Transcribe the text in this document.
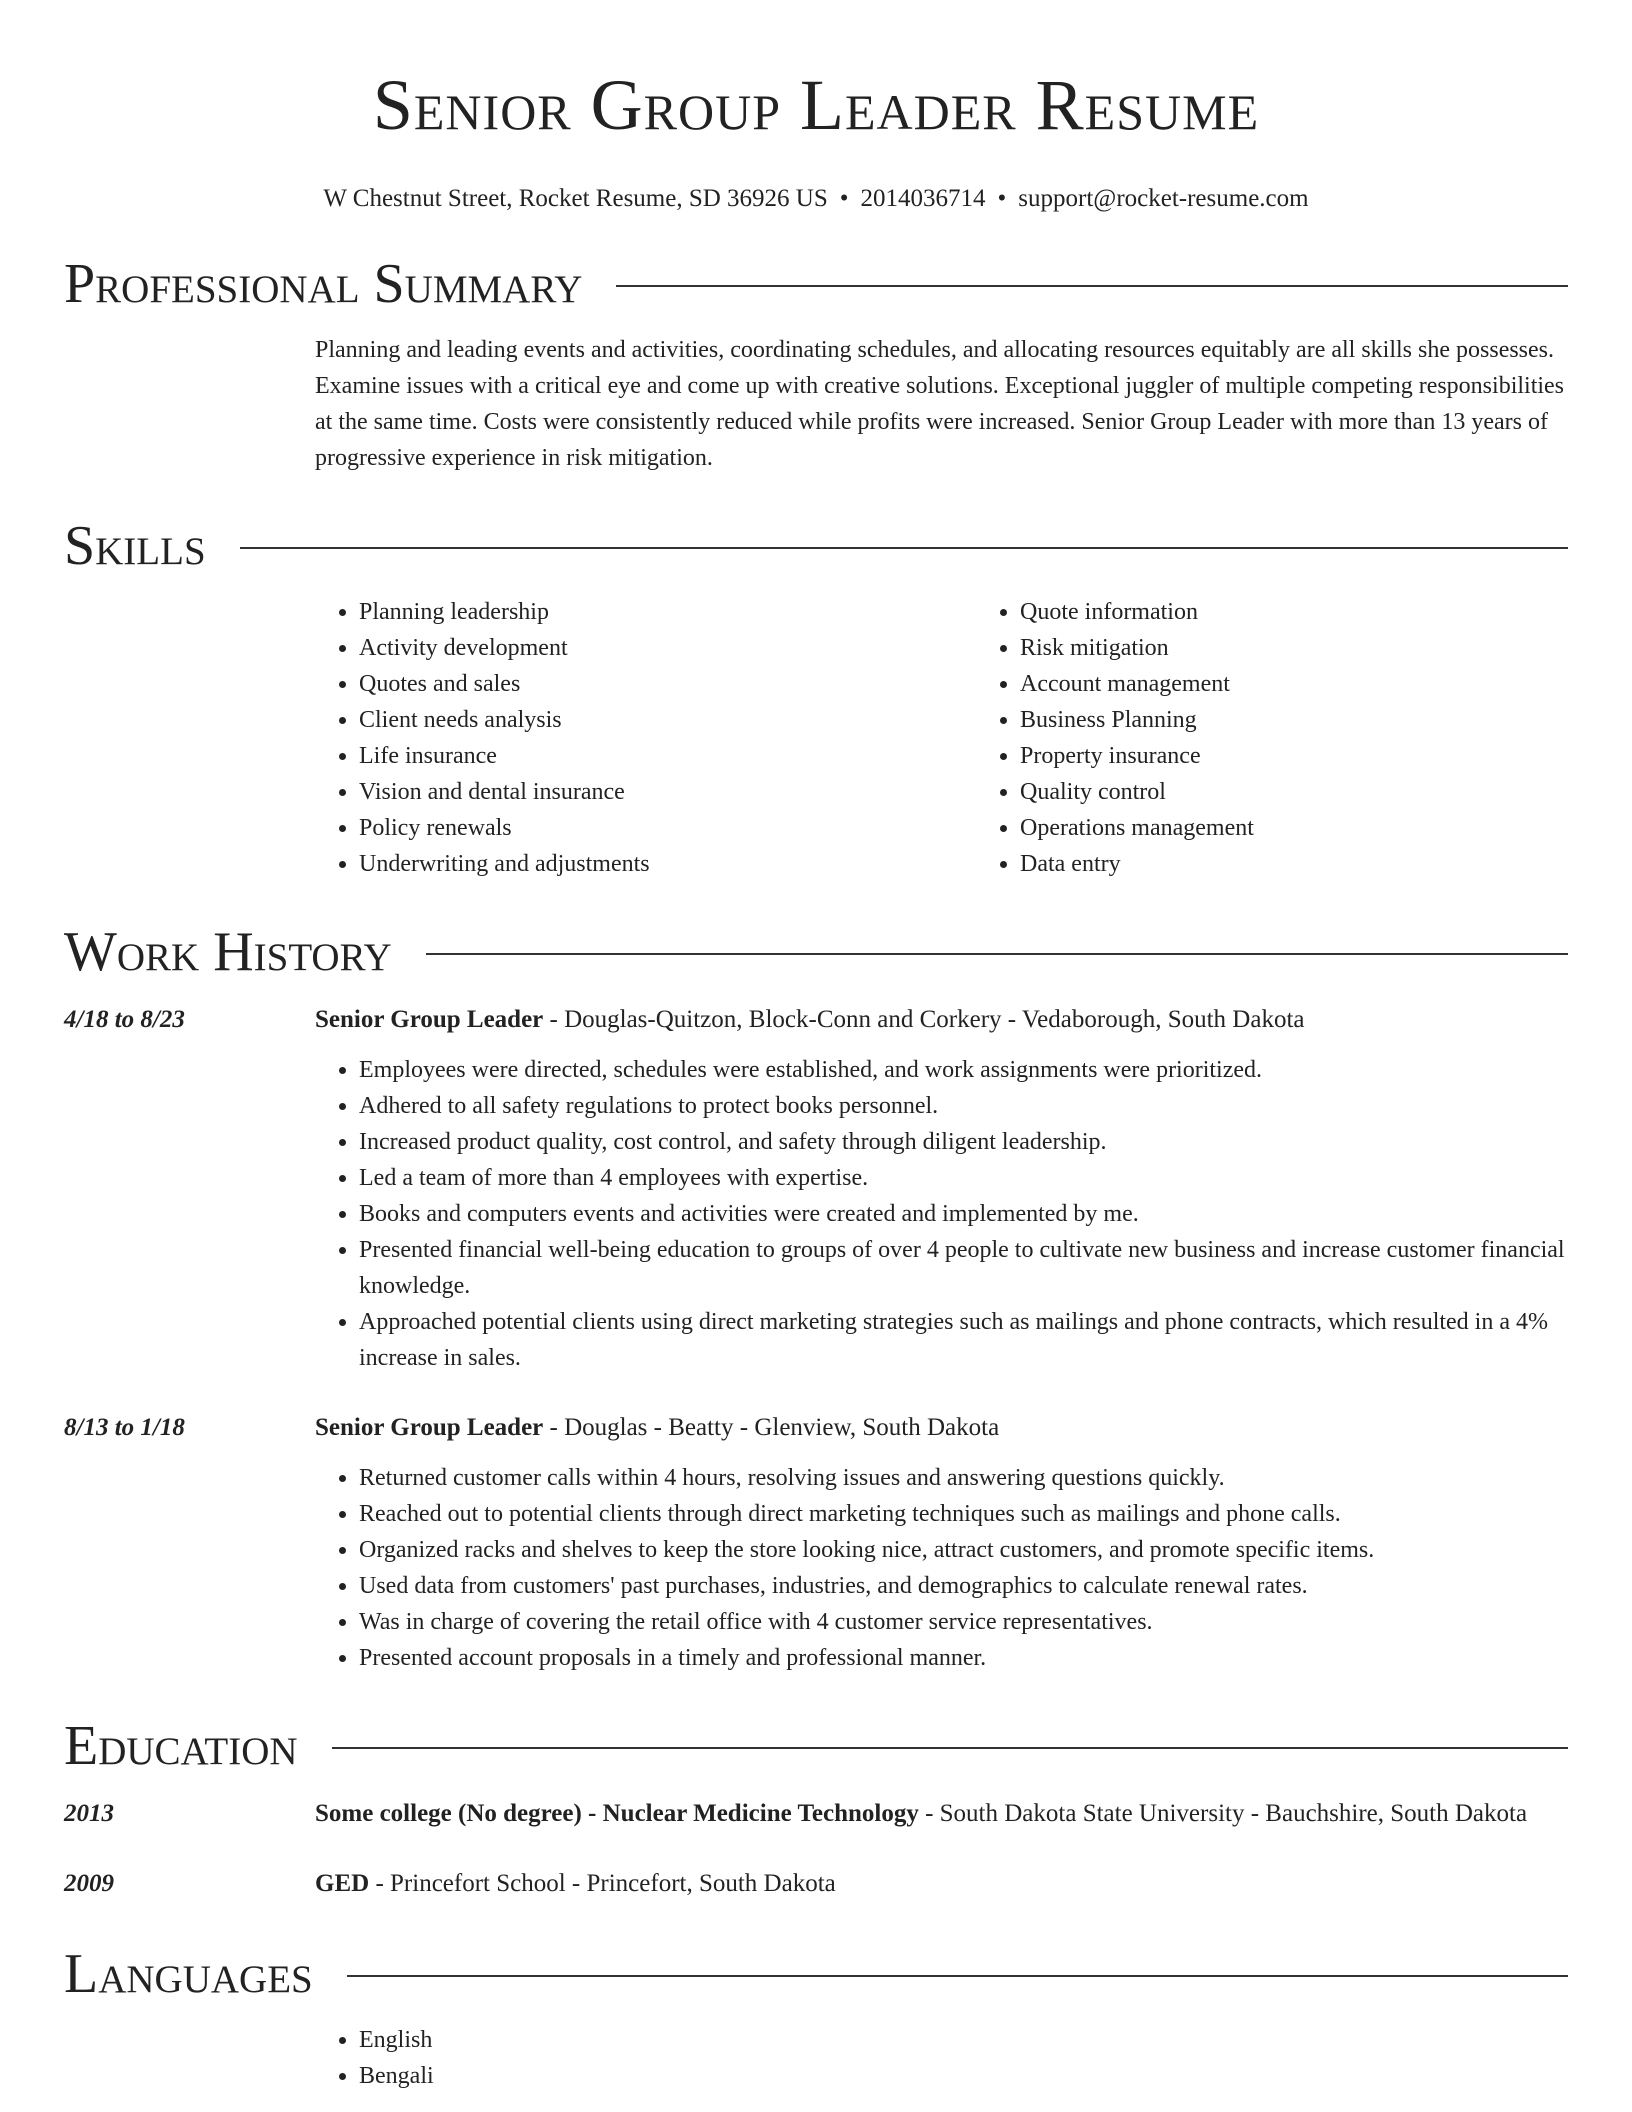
Senior Group Leader Resume
W Chestnut Street, Rocket Resume, SD 36926 US • 2014036714 • support@rocket-resume.com
Professional Summary
Planning and leading events and activities, coordinating schedules, and allocating resources equitably are all skills she possesses. Examine issues with a critical eye and come up with creative solutions. Exceptional juggler of multiple competing responsibilities at the same time. Costs were consistently reduced while profits were increased. Senior Group Leader with more than 13 years of progressive experience in risk mitigation.
Skills
• Planning leadership
• Activity development
• Quotes and sales
• Client needs analysis
• Life insurance
• Vision and dental insurance
• Policy renewals
• Underwriting and adjustments
• Quote information
• Risk mitigation
• Account management
• Business Planning
• Property insurance
• Quality control
• Operations management
• Data entry
Work History
4/18 to 8/23	Senior Group Leader - Douglas-Quitzon, Block-Conn and Corkery - Vedaborough, South Dakota
• Employees were directed, schedules were established, and work assignments were prioritized.
• Adhered to all safety regulations to protect books personnel.
• Increased product quality, cost control, and safety through diligent leadership.
• Led a team of more than 4 employees with expertise.
• Books and computers events and activities were created and implemented by me.
• Presented financial well-being education to groups of over 4 people to cultivate new business and increase customer financial knowledge.
• Approached potential clients using direct marketing strategies such as mailings and phone contracts, which resulted in a 4% increase in sales.
8/13 to 1/18	Senior Group Leader - Douglas - Beatty - Glenview, South Dakota
• Returned customer calls within 4 hours, resolving issues and answering questions quickly.
• Reached out to potential clients through direct marketing techniques such as mailings and phone calls.
• Organized racks and shelves to keep the store looking nice, attract customers, and promote specific items.
• Used data from customers' past purchases, industries, and demographics to calculate renewal rates.
• Was in charge of covering the retail office with 4 customer service representatives.
• Presented account proposals in a timely and professional manner.
Education
2013	Some college (No degree) - Nuclear Medicine Technology - South Dakota State University - Bauchshire, South Dakota
2009	GED - Princefort School - Princefort, South Dakota
Languages
• English
• Bengali
